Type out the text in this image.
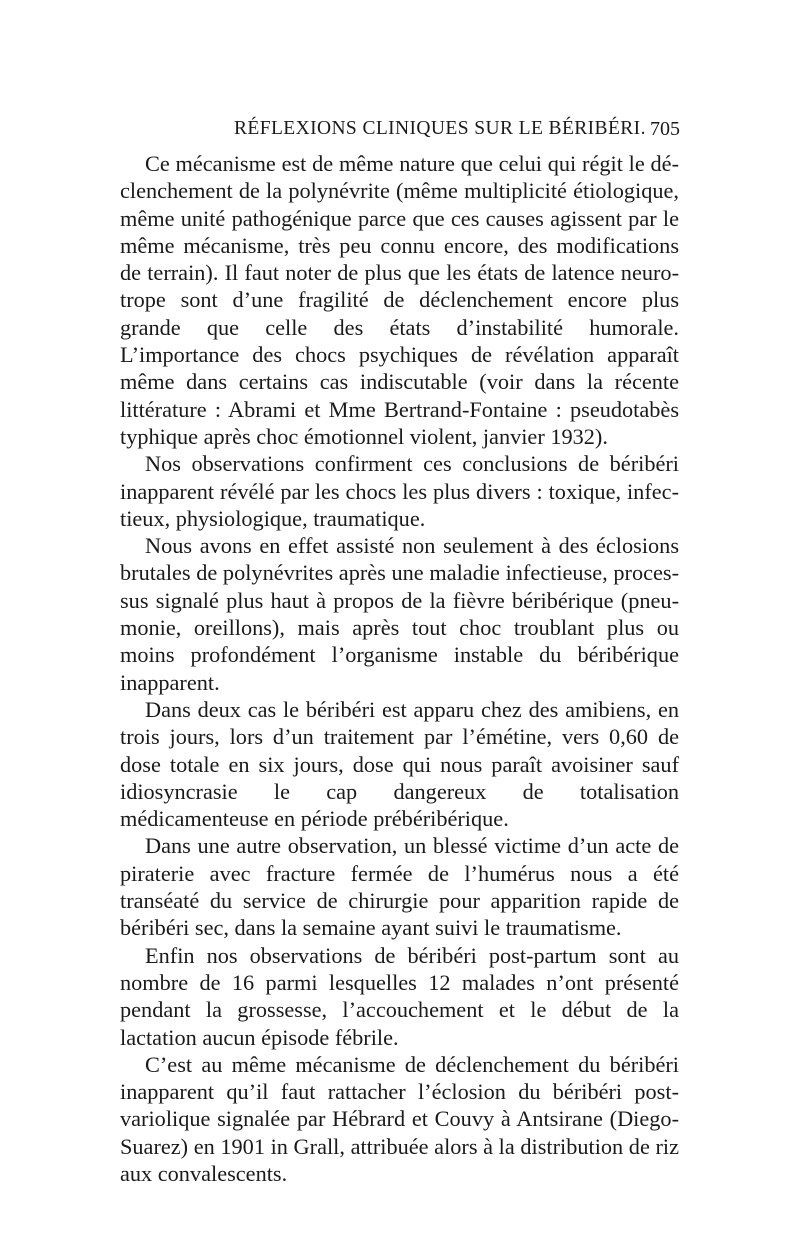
RÉFLEXIONS CLINIQUES SUR LE BÉRIBÉRI. 705

Ce mécanisme est de même nature que celui qui régit le déclenchement de la polynévrite (même multiplicité étiologique, même unité pathogénique parce que ces causes agissent par le même mécanisme, très peu connu encore, des modifications de terrain). Il faut noter de plus que les états de latence neurotrope sont d’une fragilité de déclenchement encore plus grande que celle des états d’instabilité humorale. L’importance des chocs psychiques de révélation apparaît même dans certains cas indiscutable (voir dans la récente littérature : Abrami et Mme Bertrand-Fontaine : pseudotabès typhique après choc émotionnel violent, janvier 1932).

Nos observations confirment ces conclusions de béribéri inapparent révélé par les chocs les plus divers : toxique, infectieux, physiologique, traumatique.

Nous avons en effet assisté non seulement à des éclosions brutales de polynévrites après une maladie infectieuse, processus signalé plus haut à propos de la fièvre béribérique (pneumonie, oreillons), mais après tout choc troublant plus ou moins profondément l’organisme instable du béribérique inapparent.

Dans deux cas le béribéri est apparu chez des amibiens, en trois jours, lors d’un traitement par l’émétine, vers 0,60 de dose totale en six jours, dose qui nous paraît avoisiner sauf idiosyncrasie le cap dangereux de totalisation médicamenteuse en période prébéribérique.

Dans une autre observation, un blessé victime d’un acte de piraterie avec fracture fermée de l’humérus nous a été transéaté du service de chirurgie pour apparition rapide de béribéri sec, dans la semaine ayant suivi le traumatisme.

Enfin nos observations de béribéri post-partum sont au nombre de 16 parmi lesquelles 12 malades n’ont présenté pendant la grossesse, l’accouchement et le début de la lactation aucun épisode fébrile.

C’est au même mécanisme de déclenchement du béribéri inapparent qu’il faut rattacher l’éclosion du béribéri postvariolique signalée par Hébrard et Couvy à Antsirane (Diego-Suarez) en 1901 in Grall, attribuée alors à la distribution de riz aux convalescents.
